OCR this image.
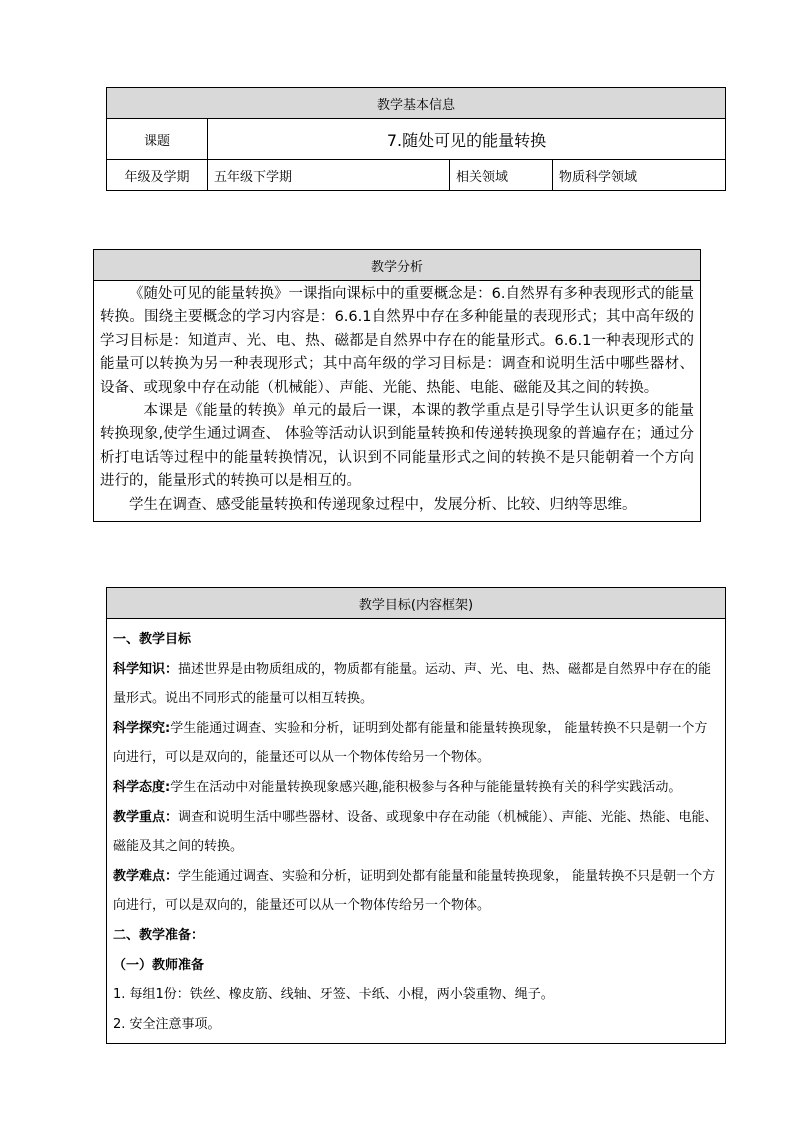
教学基本信息			
课题	7.随处可见的能量转换		
年级及学期	五年级下学期	相关领域	物质科学领域
教学分析

《随处可见的能量转换》一课指向课标中的重要概念是：6.自然界有多种表现形式的能量转换。围绕主要概念的学习内容是：6.6.1自然界中存在多种能量的表现形式；其中高年级的学习目标是：知道声、光、电、热、磁都是自然界中存在的能量形式。6.6.1一种表现形式的能量可以转换为另一种表现形式；其中高年级的学习目标是：调查和说明生活中哪些器材、设备、或现象中存在动能（机械能）、声能、光能、热能、电能、磁能及其之间的转换。

本课是《能量的转换》单元的最后一课，本课的教学重点是引导学生认识更多的能量转换现象,使学生通过调查、 体验等活动认识到能量转换和传递转换现象的普遍存在；通过分析打电话等过程中的能量转换情况，认识到不同能量形式之间的转换不是只能朝着一个方向进行的，能量形式的转换可以是相互的。

学生在调查、感受能量转换和传递现象过程中，发展分析、比较、归纳等思维。

教学目标(内容框架)

一、教学目标

科学知识：描述世界是由物质组成的，物质都有能量。运动、声、光、电、热、磁都是自然界中存在的能量形式。说出不同形式的能量可以相互转换。

科学探究:学生能通过调查、实验和分析，证明到处都有能量和能量转换现象， 能量转换不只是朝一个方向进行，可以是双向的，能量还可以从一个物体传给另一个物体。

科学态度:学生在活动中对能量转换现象感兴趣,能积极参与各种与能能量转换有关的科学实践活动。

教学重点：调查和说明生活中哪些器材、设备、或现象中存在动能（机械能）、声能、光能、热能、电能、磁能及其之间的转换。

教学难点：学生能通过调查、实验和分析，证明到处都有能量和能量转换现象， 能量转换不只是朝一个方向进行，可以是双向的，能量还可以从一个物体传给另一个物体。

二、教学准备：

（一）教师准备

1. 每组1份：铁丝、橡皮筋、线轴、牙签、卡纸、小棍，两小袋重物、绳子。

2. 安全注意事项。
